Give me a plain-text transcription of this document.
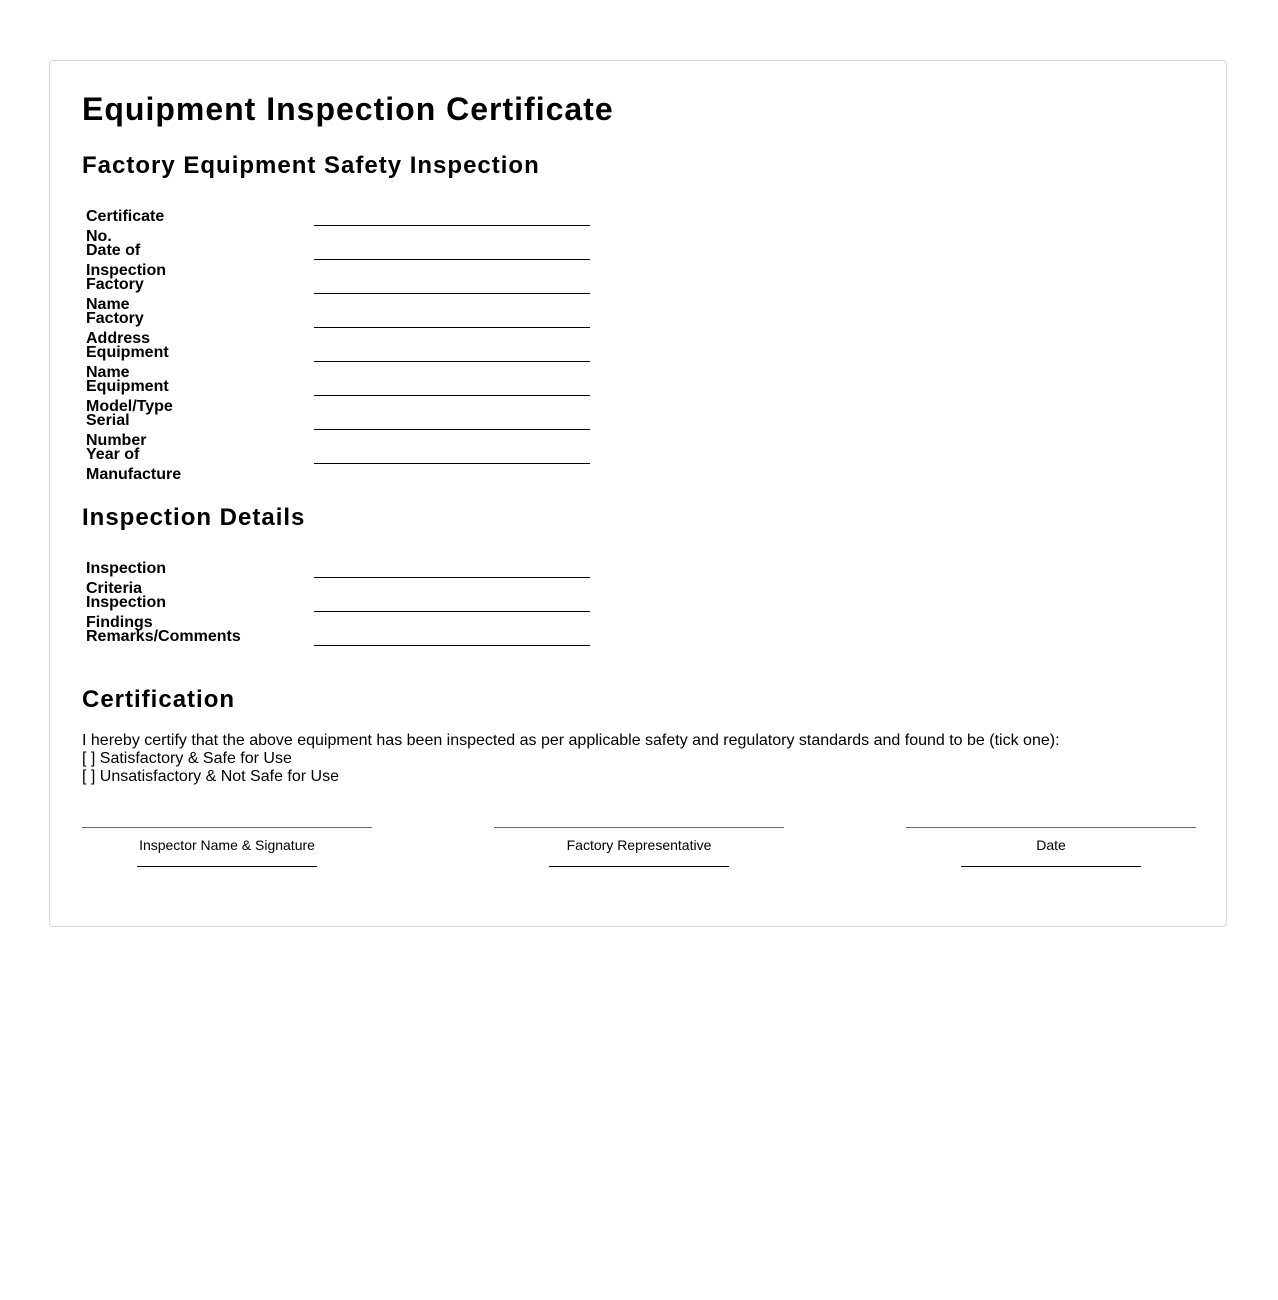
Equipment Inspection Certificate
Factory Equipment Safety Inspection
Certificate No.
Date of Inspection
Factory Name
Factory Address
Equipment Name
Equipment Model/Type
Serial Number
Year of Manufacture
Inspection Details
Inspection Criteria
Inspection Findings
Remarks/Comments
Certification
I hereby certify that the above equipment has been inspected as per applicable safety and regulatory standards and found to be (tick one):
[ ] Satisfactory & Safe for Use
[ ] Unsatisfactory & Not Safe for Use
Inspector Name & Signature	Factory Representative	Date
